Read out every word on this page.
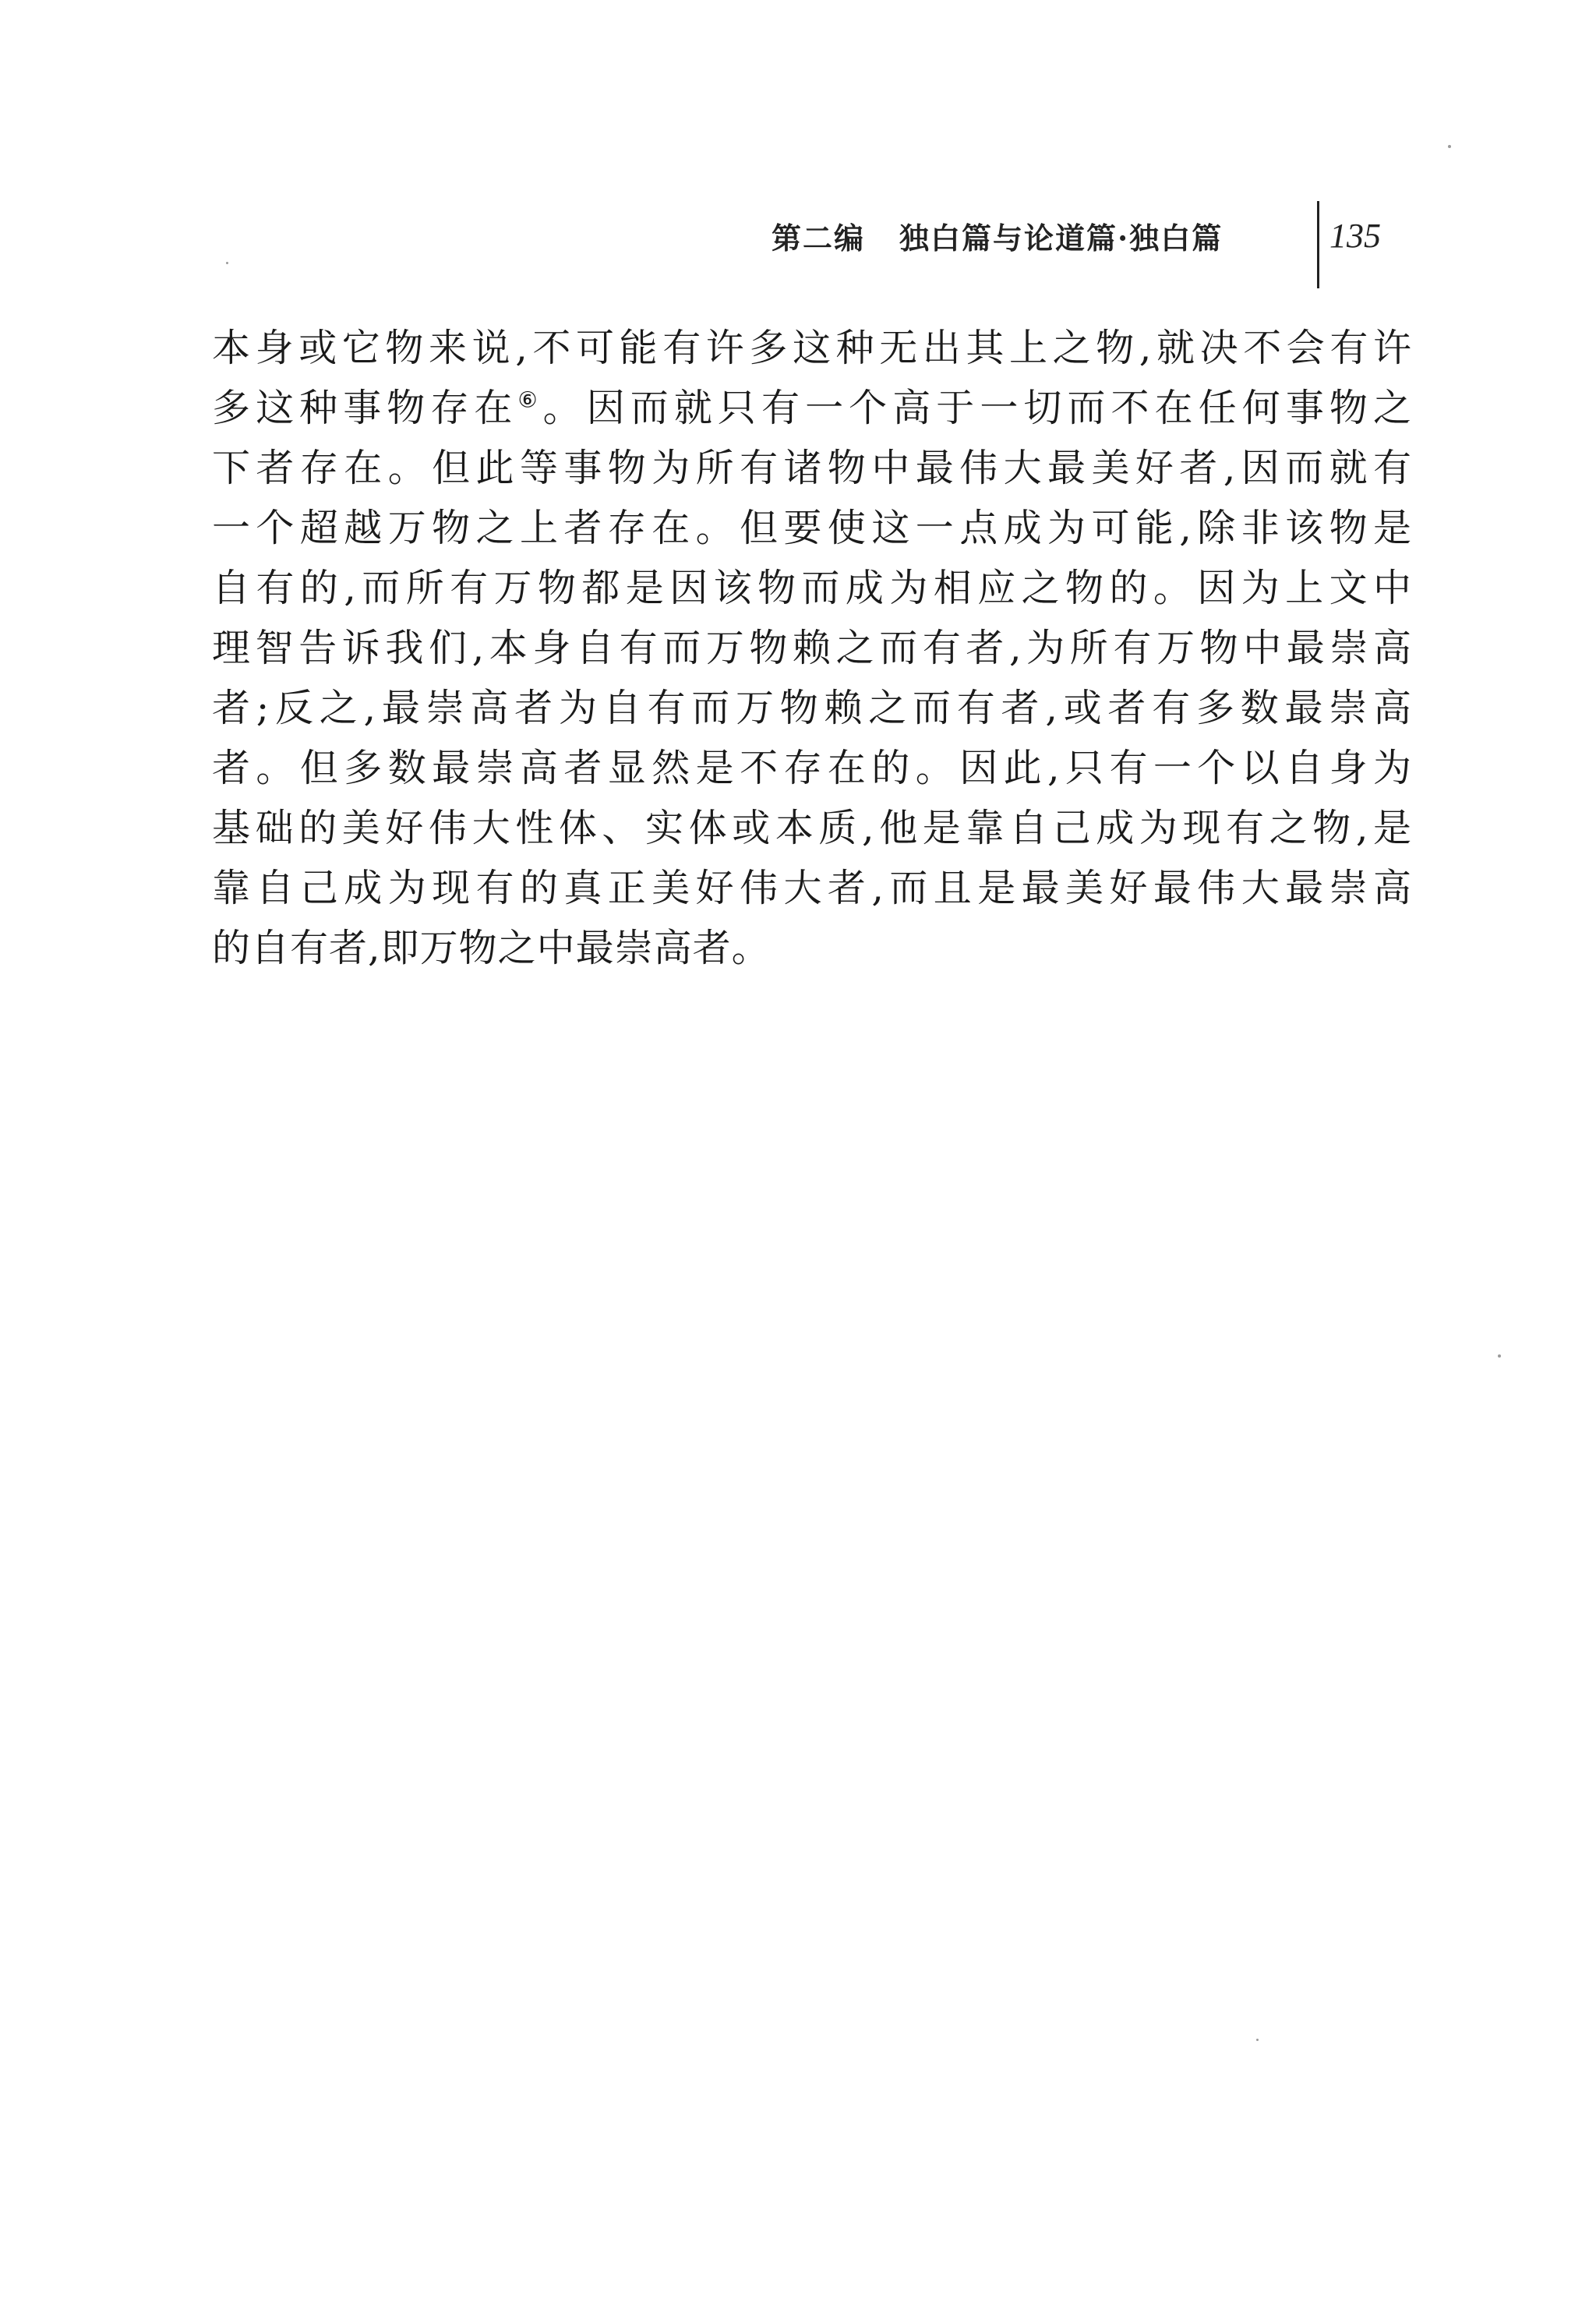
第二编 独白篇与论道篇·独白篇	135
本身或它物来说,不可能有许多这种无出其上之物,就决不会有许
多这种事物存在⑥。因而就只有一个高于一切而不在任何事物之
下者存在。但此等事物为所有诸物中最伟大最美好者,因而就有
一个超越万物之上者存在。但要使这一点成为可能,除非该物是
自有的,而所有万物都是因该物而成为相应之物的。因为上文中
理智告诉我们,本身自有而万物赖之而有者,为所有万物中最崇高
者;反之,最崇高者为自有而万物赖之而有者,或者有多数最崇高
者。但多数最崇高者显然是不存在的。因此,只有一个以自身为
基础的美好伟大性体、实体或本质,他是靠自己成为现有之物,是
靠自己成为现有的真正美好伟大者,而且是最美好最伟大最崇高
的自有者,即万物之中最崇高者。
